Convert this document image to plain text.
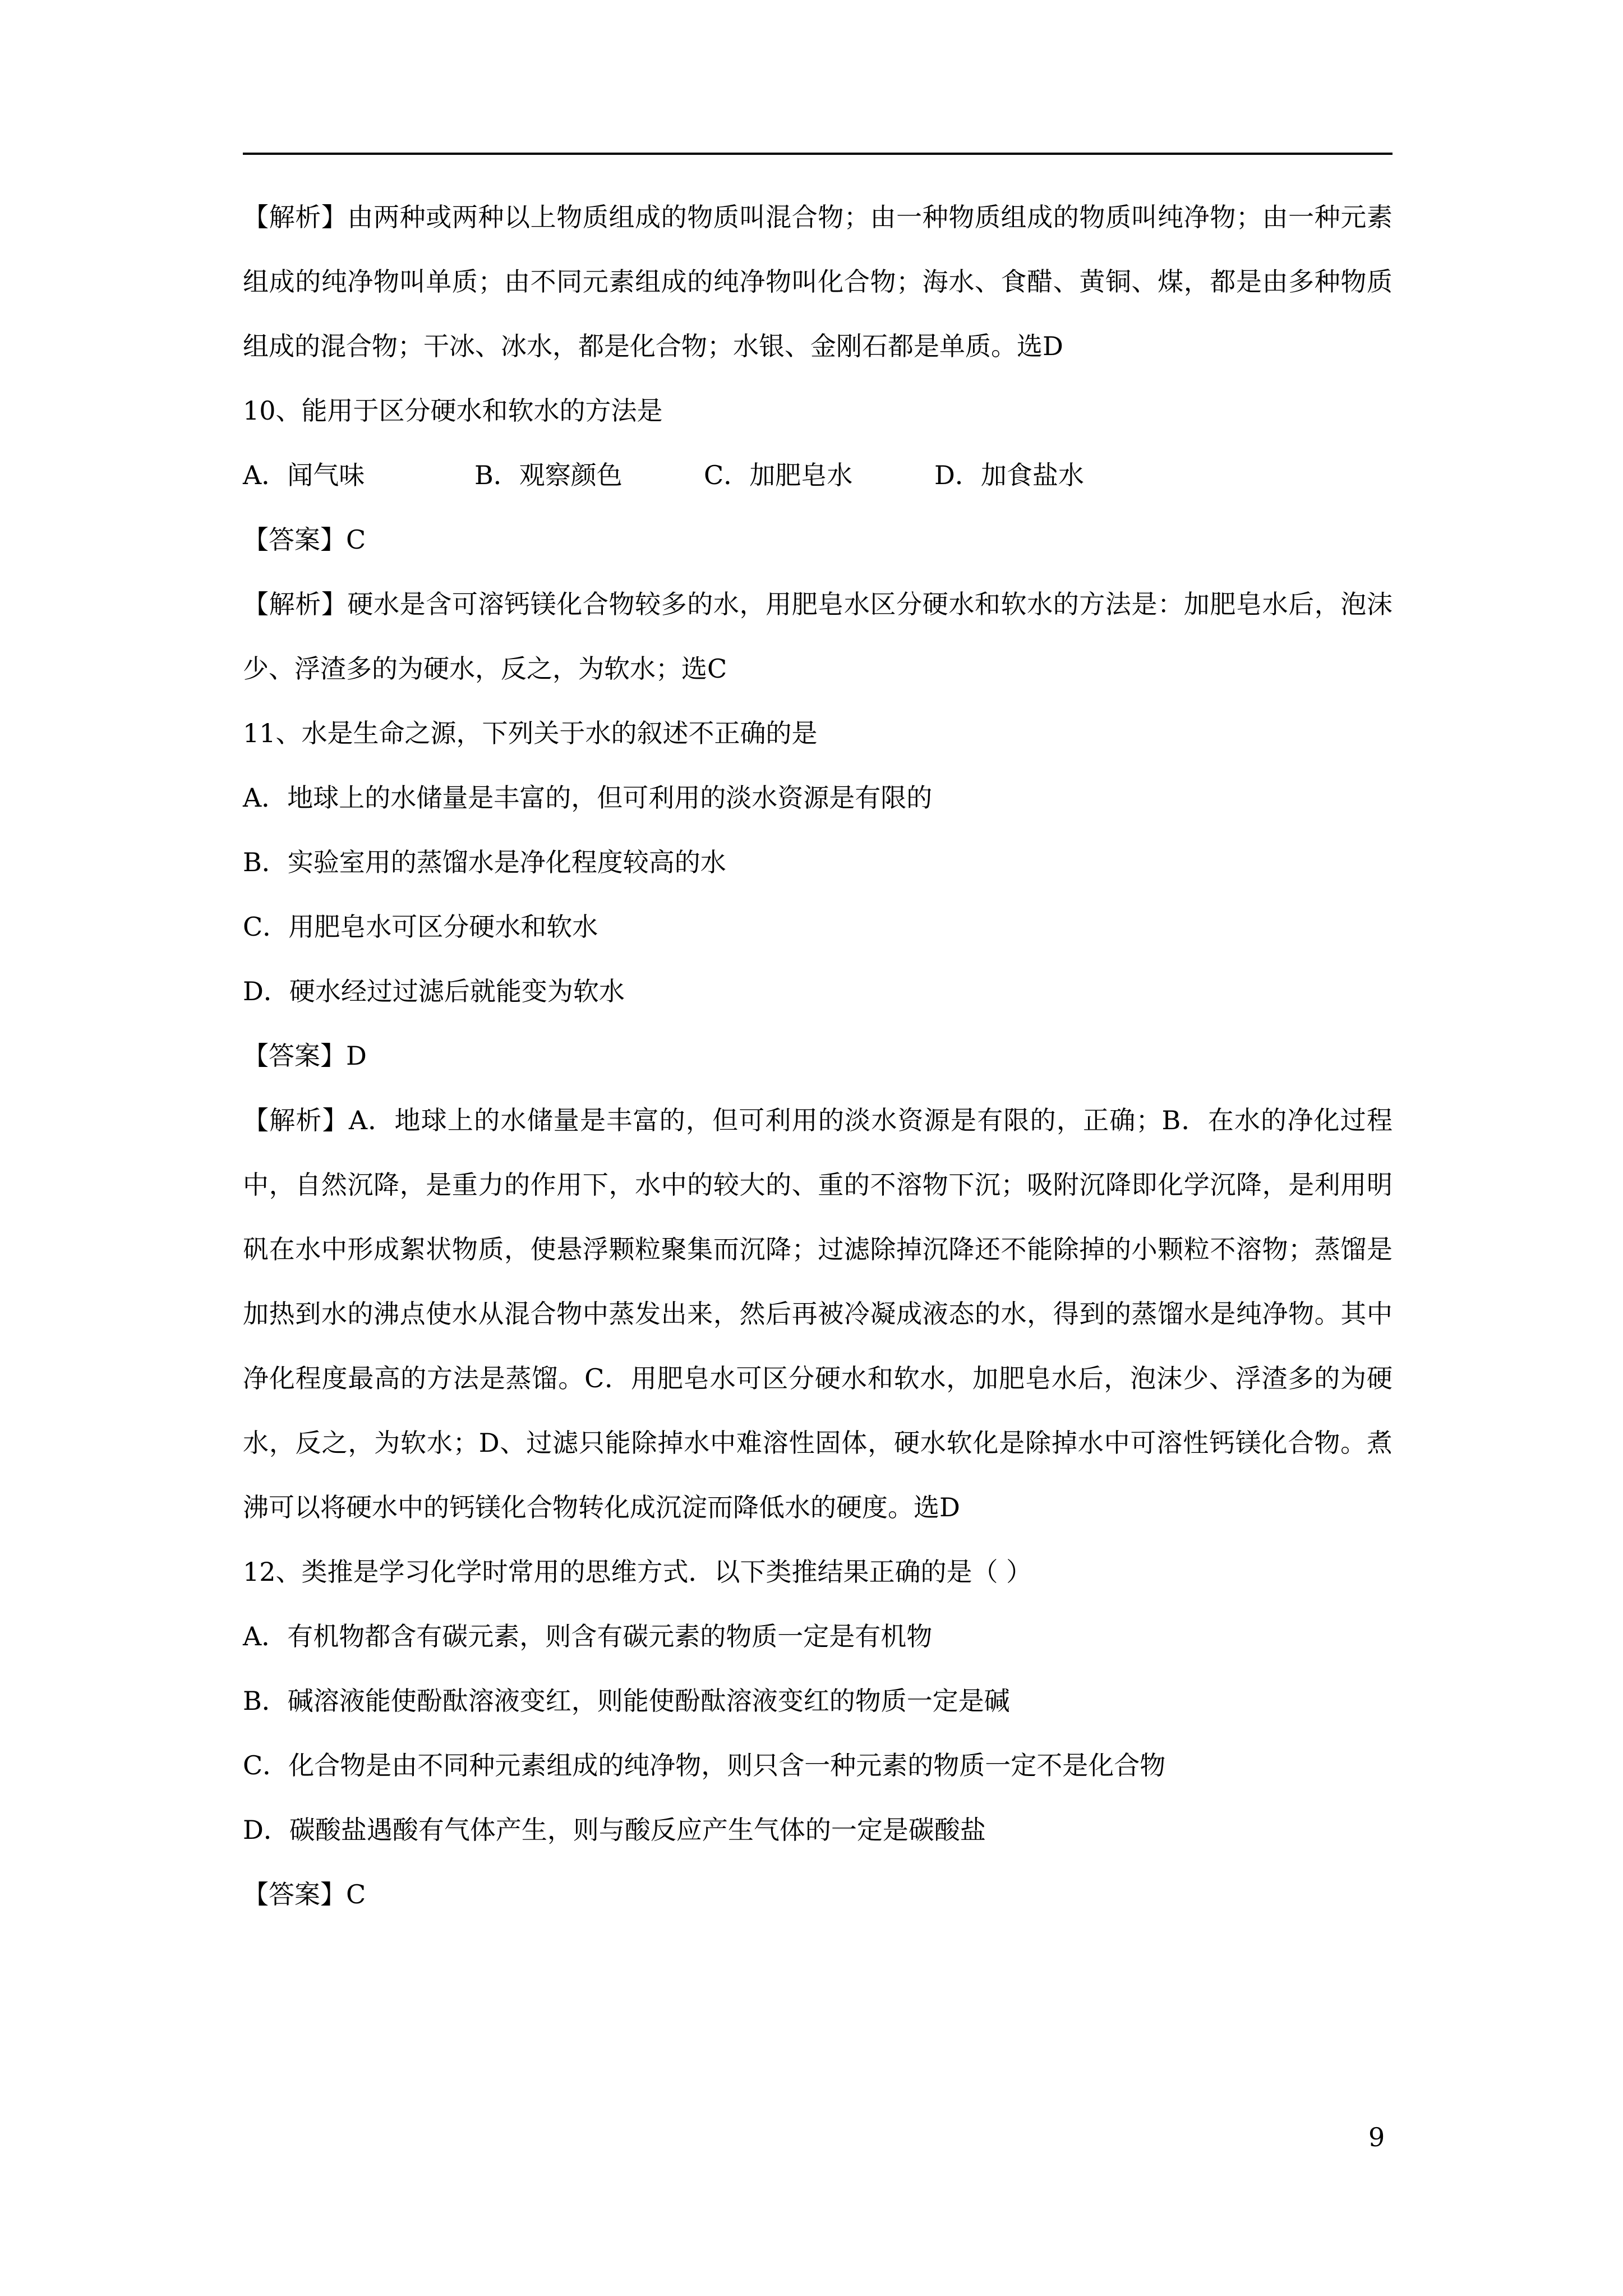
【解析】由两种或两种以上物质组成的物质叫混合物；由一种物质组成的物质叫纯净物；由一种元素组成的纯净物叫单质；由不同元素组成的纯净物叫化合物；海水、食醋、黄铜、煤，都是由多种物质组成的混合物；干冰、冰水，都是化合物；水银、金刚石都是单质。选D

10、能用于区分硬水和软水的方法是

A．闻气味	B．观察颜色	C．加肥皂水	D．加食盐水

【答案】C

【解析】硬水是含可溶钙镁化合物较多的水，用肥皂水区分硬水和软水的方法是：加肥皂水后，泡沫少、浮渣多的为硬水，反之，为软水；选C

11、水是生命之源，下列关于水的叙述不正确的是

A．地球上的水储量是丰富的，但可利用的淡水资源是有限的

B．实验室用的蒸馏水是净化程度较高的水

C．用肥皂水可区分硬水和软水

D．硬水经过过滤后就能变为软水

【答案】D

【解析】A．地球上的水储量是丰富的，但可利用的淡水资源是有限的，正确；B．在水的净化过程中，自然沉降，是重力的作用下，水中的较大的、重的不溶物下沉；吸附沉降即化学沉降，是利用明矾在水中形成絮状物质，使悬浮颗粒聚集而沉降；过滤除掉沉降还不能除掉的小颗粒不溶物；蒸馏是加热到水的沸点使水从混合物中蒸发出来，然后再被冷凝成液态的水，得到的蒸馏水是纯净物。其中净化程度最高的方法是蒸馏。C．用肥皂水可区分硬水和软水，加肥皂水后，泡沫少、浮渣多的为硬水，反之，为软水；D、过滤只能除掉水中难溶性固体，硬水软化是除掉水中可溶性钙镁化合物。煮沸可以将硬水中的钙镁化合物转化成沉淀而降低水的硬度。选D

12、类推是学习化学时常用的思维方式．以下类推结果正确的是（ ）

A．有机物都含有碳元素，则含有碳元素的物质一定是有机物

B．碱溶液能使酚酞溶液变红，则能使酚酞溶液变红的物质一定是碱

C．化合物是由不同种元素组成的纯净物，则只含一种元素的物质一定不是化合物

D．碳酸盐遇酸有气体产生，则与酸反应产生气体的一定是碳酸盐

【答案】C

9
